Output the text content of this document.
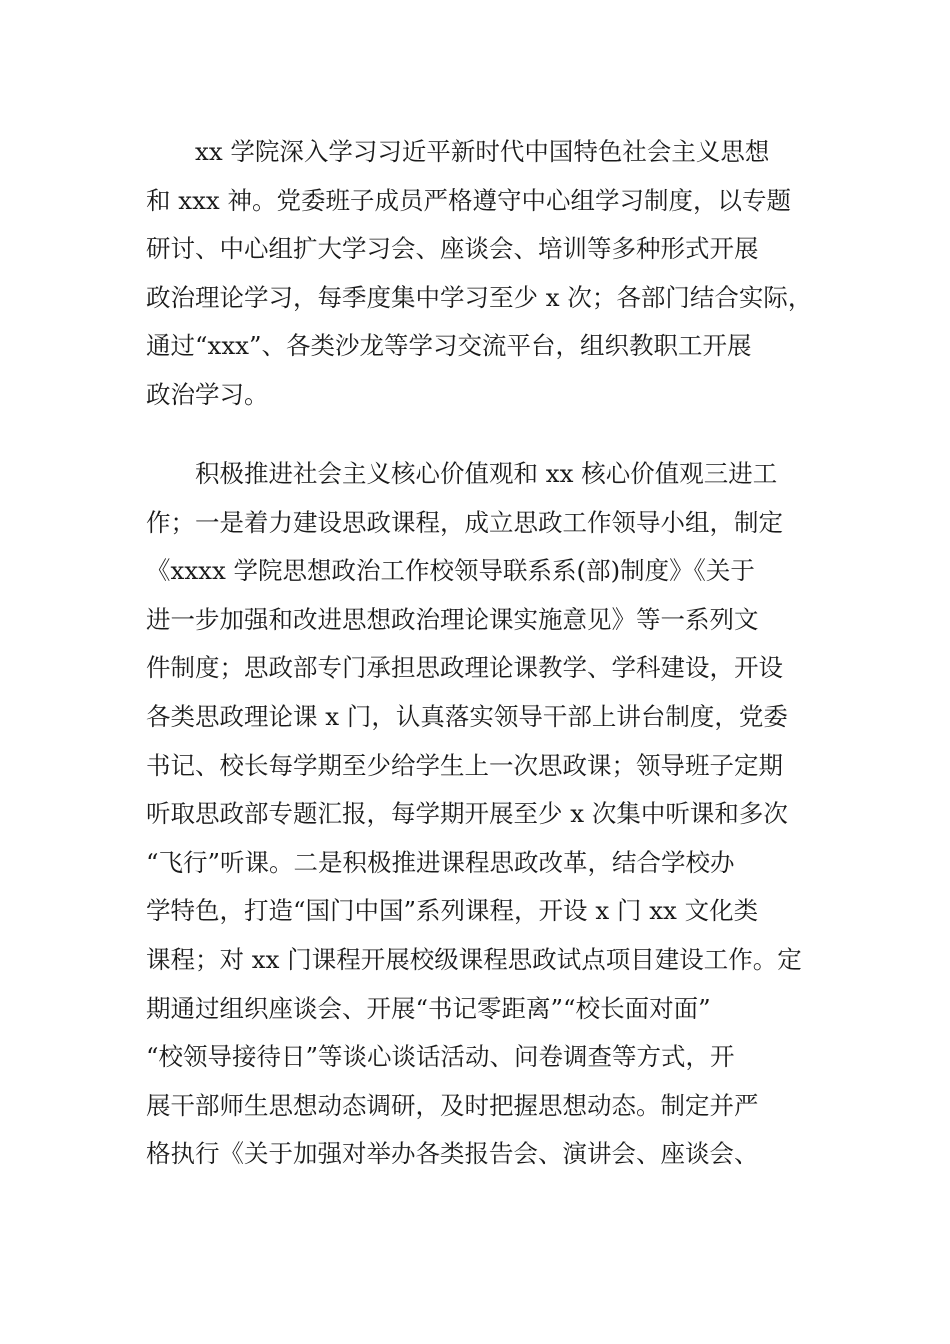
xx 学院深入学习习近平新时代中国特色社会主义思想
和 xxx 神。党委班子成员严格遵守中心组学习制度，以专题
研讨、中心组扩大学习会、座谈会、培训等多种形式开展
政治理论学习，每季度集中学习至少 x 次；各部门结合实际，
通过“xxx”、各类沙龙等学习交流平台，组织教职工开展
政治学习。
积极推进社会主义核心价值观和 xx 核心价值观三进工
作；一是着力建设思政课程，成立思政工作领导小组，制定
《xxxx 学院思想政治工作校领导联系系(部)制度》《关于
进一步加强和改进思想政治理论课实施意见》等一系列文
件制度；思政部专门承担思政理论课教学、学科建设，开设
各类思政理论课 x 门，认真落实领导干部上讲台制度，党委
书记、校长每学期至少给学生上一次思政课；领导班子定期
听取思政部专题汇报，每学期开展至少 x 次集中听课和多次
“飞行”听课。二是积极推进课程思政改革，结合学校办
学特色，打造“国门中国”系列课程，开设 x 门 xx 文化类
课程；对 xx 门课程开展校级课程思政试点项目建设工作。定
期通过组织座谈会、开展“书记零距离”“校长面对面”
“校领导接待日”等谈心谈话活动、问卷调查等方式，开
展干部师生思想动态调研，及时把握思想动态。制定并严
格执行《关于加强对举办各类报告会、演讲会、座谈会、
